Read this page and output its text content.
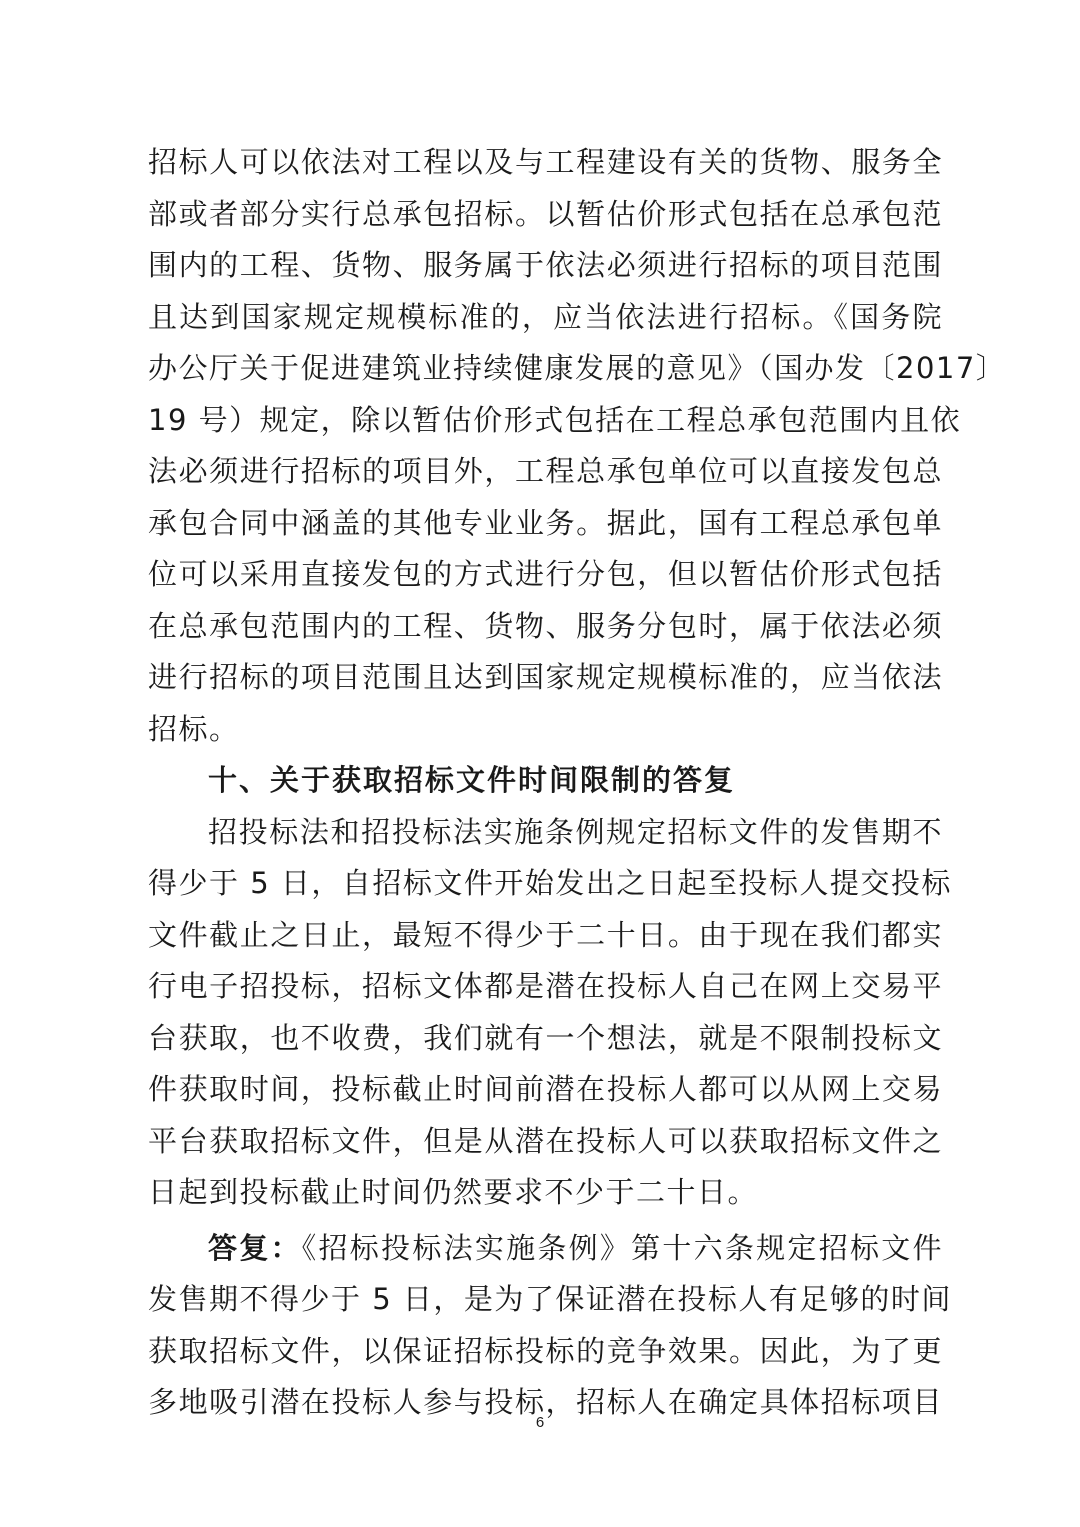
招标人可以依法对工程以及与工程建设有关的货物、服务全
部或者部分实行总承包招标。以暂估价形式包括在总承包范
围内的工程、货物、服务属于依法必须进行招标的项目范围
且达到国家规定规模标准的，应当依法进行招标。《国务院
办公厅关于促进建筑业持续健康发展的意见》（国办发〔2017〕
19 号）规定，除以暂估价形式包括在工程总承包范围内且依
法必须进行招标的项目外，工程总承包单位可以直接发包总
承包合同中涵盖的其他专业业务。据此，国有工程总承包单
位可以采用直接发包的方式进行分包，但以暂估价形式包括
在总承包范围内的工程、货物、服务分包时，属于依法必须
进行招标的项目范围且达到国家规定规模标准的，应当依法
招标。
十、关于获取招标文件时间限制的答复
招投标法和招投标法实施条例规定招标文件的发售期不
得少于 5 日，自招标文件开始发出之日起至投标人提交投标
文件截止之日止，最短不得少于二十日。由于现在我们都实
行电子招投标，招标文体都是潜在投标人自己在网上交易平
台获取，也不收费，我们就有一个想法，就是不限制投标文
件获取时间，投标截止时间前潜在投标人都可以从网上交易
平台获取招标文件，但是从潜在投标人可以获取招标文件之
日起到投标截止时间仍然要求不少于二十日。
答复：《招标投标法实施条例》第十六条规定招标文件
发售期不得少于 5 日，是为了保证潜在投标人有足够的时间
获取招标文件，以保证招标投标的竞争效果。因此，为了更
多地吸引潜在投标人参与投标，招标人在确定具体招标项目
6
